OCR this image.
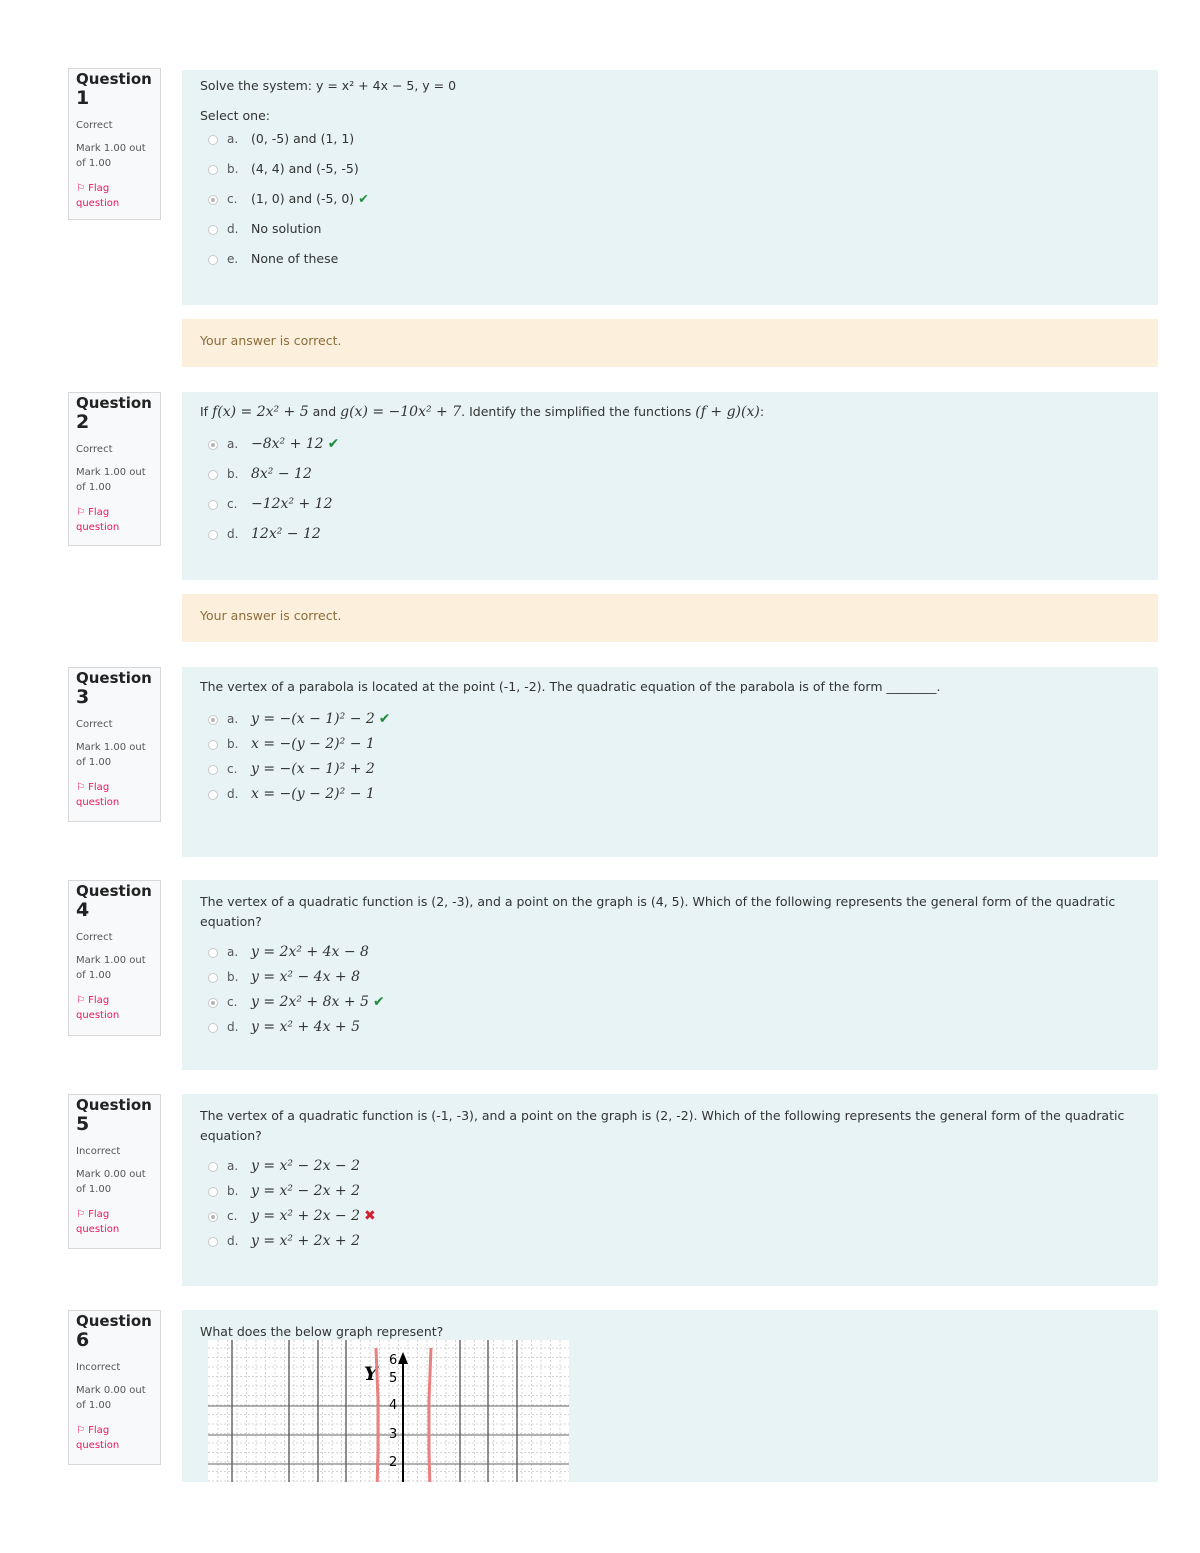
Question
1
Correct
Mark 1.00 out of 1.00
⚐ Flag question
Solve the system: y = x² + 4x − 5, y = 0
Select one:
a. (0, -5) and (1, 1)
b. (4, 4) and (-5, -5)
c. (1, 0) and (-5, 0) ✔
d. No solution
e. None of these
Your answer is correct.
Question
2
Correct
Mark 1.00 out of 1.00
⚐ Flag question
If f(x) = 2x² + 5 and g(x) = −10x² + 7. Identify the simplified the functions (f + g)(x):
a. −8x² + 12 ✔
b. 8x² − 12
c. −12x² + 12
d. 12x² − 12
Your answer is correct.
Question
3
Correct
Mark 1.00 out of 1.00
⚐ Flag question
The vertex of a parabola is located at the point (-1, -2). The quadratic equation of the parabola is of the form ________.
a. y = −(x − 1)² − 2 ✔
b. x = −(y − 2)² − 1
c. y = −(x − 1)² + 2
d. x = −(y − 2)² − 1
Question
4
Correct
Mark 1.00 out of 1.00
⚐ Flag question
The vertex of a quadratic function is (2, -3), and a point on the graph is (4, 5). Which of the following represents the general form of the quadratic equation?
a. y = 2x² + 4x − 8
b. y = x² − 4x + 8
c. y = 2x² + 8x + 5 ✔
d. y = x² + 4x + 5
Question
5
Incorrect
Mark 0.00 out of 1.00
⚐ Flag question
The vertex of a quadratic function is (-1, -3), and a point on the graph is (2, -2). Which of the following represents the general form of the quadratic equation?
a. y = x² − 2x − 2
b. y = x² − 2x + 2
c. y = x² + 2x − 2 ✖
d. y = x² + 2x + 2
Question
6
Incorrect
Mark 0.00 out of 1.00
⚐ Flag question
What does the below graph represent?
Y
6
5
4
3
2
